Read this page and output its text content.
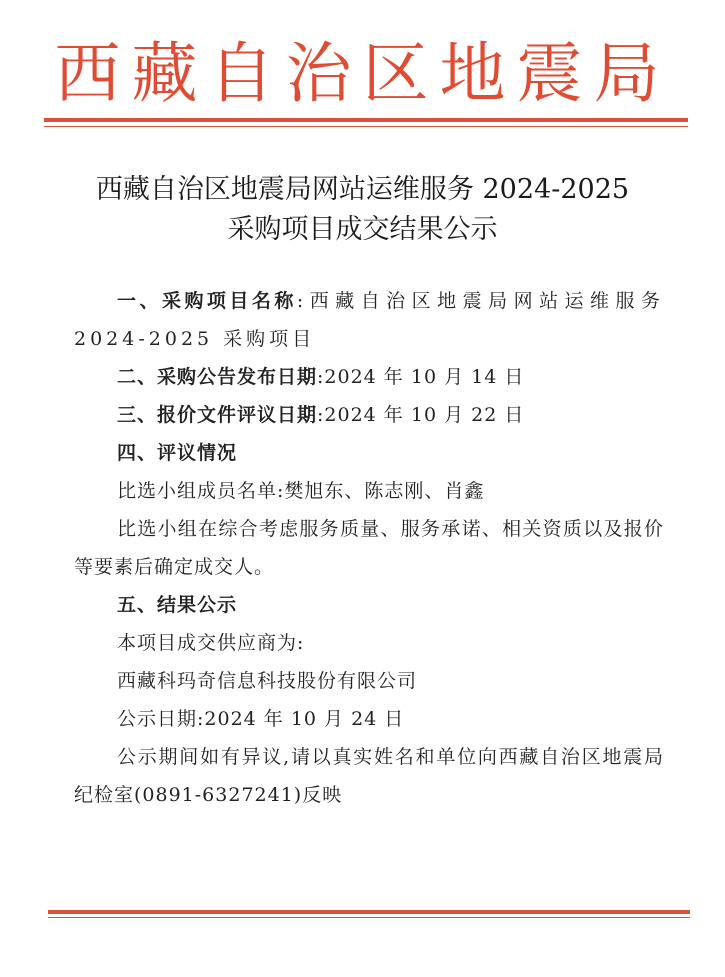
西藏自治区地震局
西藏自治区地震局网站运维服务 2024-2025
采购项目成交结果公示

一、采购项目名称:西藏自治区地震局网站运维服务 2024-2025 采购项目

二、采购公告发布日期:2024 年 10 月 14 日

三、报价文件评议日期:2024 年 10 月 22 日

四、评议情况

比选小组成员名单:樊旭东、陈志刚、肖鑫

比选小组在综合考虑服务质量、服务承诺、相关资质以及报价等要素后确定成交人。

五、结果公示

本项目成交供应商为:

西藏科玛奇信息科技股份有限公司

公示日期:2024 年 10 月 24 日

公示期间如有异议,请以真实姓名和单位向西藏自治区地震局纪检室(0891-6327241)反映
